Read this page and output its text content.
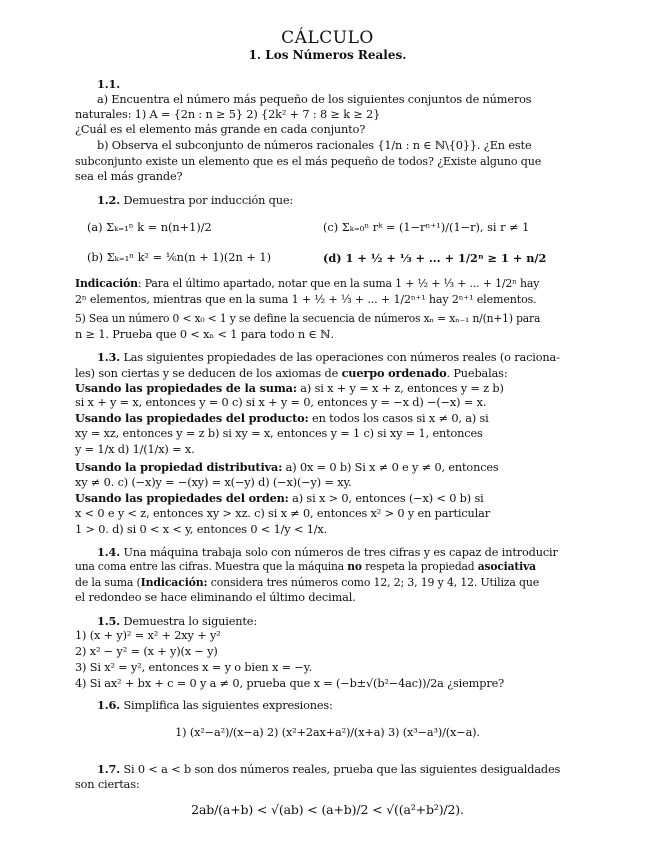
CÁLCULO
1. Los Números Reales.
1.1.
a) Encuentra el número más pequeño de los siguientes conjuntos de números
naturales: 1) A = {2n : n ≥ 5} 2) {2k² + 7 : 8 ≥ k ≥ 2}
¿Cuál es el elemento más grande en cada conjunto?
b) Observa el subconjunto de números racionales {1/n : n ∈ ℕ\{0}}. ¿En este
subconjunto existe un elemento que es el más pequeño de todos? ¿Existe alguno que
sea el más grande?
1.2. Demuestra por inducción que:
(a) Σₖ₌₁ⁿ k = n(n+1)/2	(c) Σₖ₌₀ⁿ rᵏ = (1−rⁿ⁺¹)/(1−r), si r ≠ 1
(b) Σₖ₌₁ⁿ k² = ⅙n(n + 1)(2n + 1)	(d) 1 + ½ + ⅓ + ... + 1/2ⁿ ≥ 1 + n/2
Indicación: Para el último apartado, notar que en la suma 1 + ½ + ⅓ + ... + 1/2ⁿ hay
2ⁿ elementos, mientras que en la suma 1 + ½ + ⅓ + ... + 1/2ⁿ⁺¹ hay 2ⁿ⁺¹ elementos.
5) Sea un número 0 < x₀ < 1 y se define la secuencia de números xₙ = xₙ₋₁ n/(n+1) para
n ≥ 1. Prueba que 0 < xₙ < 1 para todo n ∈ ℕ.
1.3. Las siguientes propiedades de las operaciones con números reales (o raciona-
les) son ciertas y se deducen de los axiomas de cuerpo ordenado. Puebalas:
Usando las propiedades de la suma: a) si x + y = x + z, entonces y = z b)
si x + y = x, entonces y = 0 c) si x + y = 0, entonces y = −x d) −(−x) = x.
Usando las propiedades del producto: en todos los casos si x ≠ 0, a) si
xy = xz, entonces y = z b) si xy = x, entonces y = 1 c) si xy = 1, entonces
y = 1/x d) 1/(1/x) = x.
Usando la propiedad distributiva: a) 0x = 0 b) Si x ≠ 0 e y ≠ 0, entonces
xy ≠ 0. c) (−x)y = −(xy) = x(−y) d) (−x)(−y) = xy.
Usando las propiedades del orden: a) si x > 0, entonces (−x) < 0 b) si
x < 0 e y < z, entonces xy > xz. c) si x ≠ 0, entonces x² > 0 y en particular
1 > 0. d) si 0 < x < y, entonces 0 < 1/y < 1/x.
1.4. Una máquina trabaja solo con números de tres cifras y es capaz de introducir
una coma entre las cifras. Muestra que la máquina no respeta la propiedad asociativa
de la suma (Indicación: considera tres números como 12, 2; 3, 19 y 4, 12. Utiliza que
el redondeo se hace eliminando el último decimal.
1.5. Demuestra lo siguiente:
1) (x + y)² = x² + 2xy + y²
2) x² − y² = (x + y)(x − y)
3) Si x² = y², entonces x = y o bien x = −y.
4) Si ax² + bx + c = 0 y a ≠ 0, prueba que x = (−b±√(b²−4ac))/2a ¿siempre?
1.6. Simplifica las siguientes expresiones:
1) (x²−a²)/(x−a) 2) (x²+2ax+a²)/(x+a) 3) (x³−a³)/(x−a).
1.7. Si 0 < a < b son dos números reales, prueba que las siguientes desigualdades
son ciertas:
2ab/(a+b) < √(ab) < (a+b)/2 < √((a²+b²)/2).
